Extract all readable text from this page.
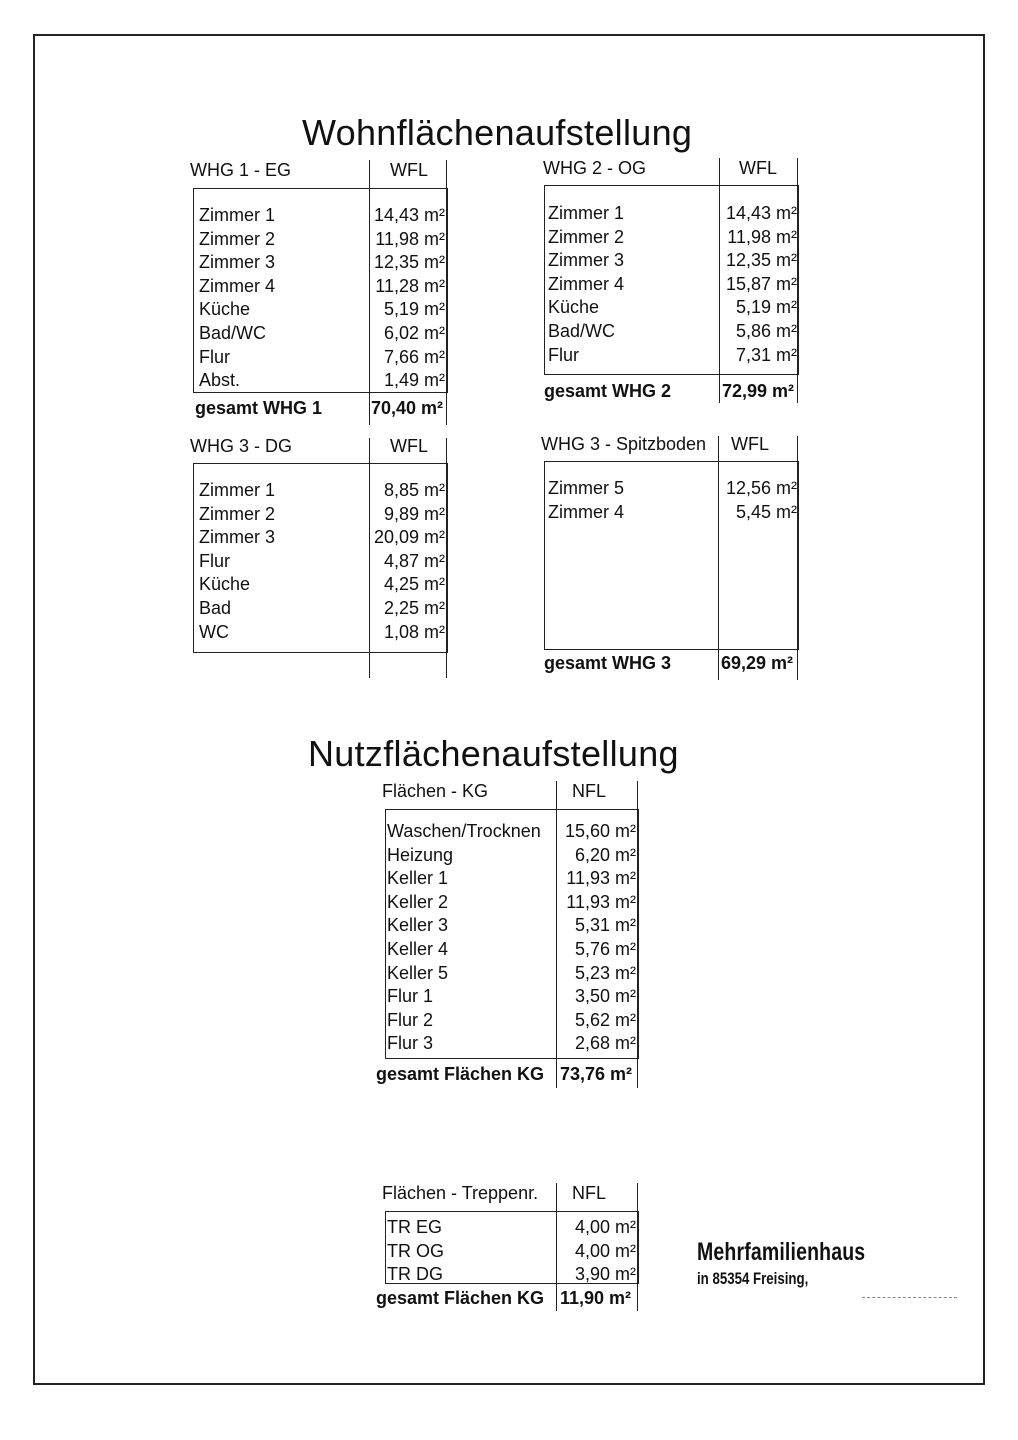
Wohnflächenaufstellung
WHG 1 - EG	WFL
Zimmer 1	14,43 m²
Zimmer 2	11,98 m²
Zimmer 3	12,35 m²
Zimmer 4	11,28 m²
Küche	5,19 m²
Bad/WC	6,02 m²
Flur	7,66 m²
Abst.	1,49 m²
gesamt WHG 1	70,40 m²
WHG 2 - OG	WFL
Zimmer 1	14,43 m²
Zimmer 2	11,98 m²
Zimmer 3	12,35 m²
Zimmer 4	15,87 m²
Küche	5,19 m²
Bad/WC	5,86 m²
Flur	7,31 m²
gesamt WHG 2	72,99 m²
WHG 3 - DG	WFL
Zimmer 1	8,85 m²
Zimmer 2	9,89 m²
Zimmer 3	20,09 m²
Flur	4,87 m²
Küche	4,25 m²
Bad	2,25 m²
WC	1,08 m²
WHG 3 - Spitzboden WFL
Zimmer 5	12,56 m²
Zimmer 4	5,45 m²
gesamt WHG 3	69,29 m²
Nutzflächenaufstellung
Flächen - KG	NFL
Waschen/Trocknen 15,60 m²
Heizung	6,20 m²
Keller 1	11,93 m²
Keller 2	11,93 m²
Keller 3	5,31 m²
Keller 4	5,76 m²
Keller 5	5,23 m²
Flur 1	3,50 m²
Flur 2	5,62 m²
Flur 3	2,68 m²
gesamt Flächen KG 73,76 m²
Flächen - Treppenr. NFL
TR EG	4,00 m²
TR OG	4,00 m²
TR DG	3,90 m²
gesamt Flächen KG 11,90 m²
Mehrfamilienhaus
in 85354 Freising,
